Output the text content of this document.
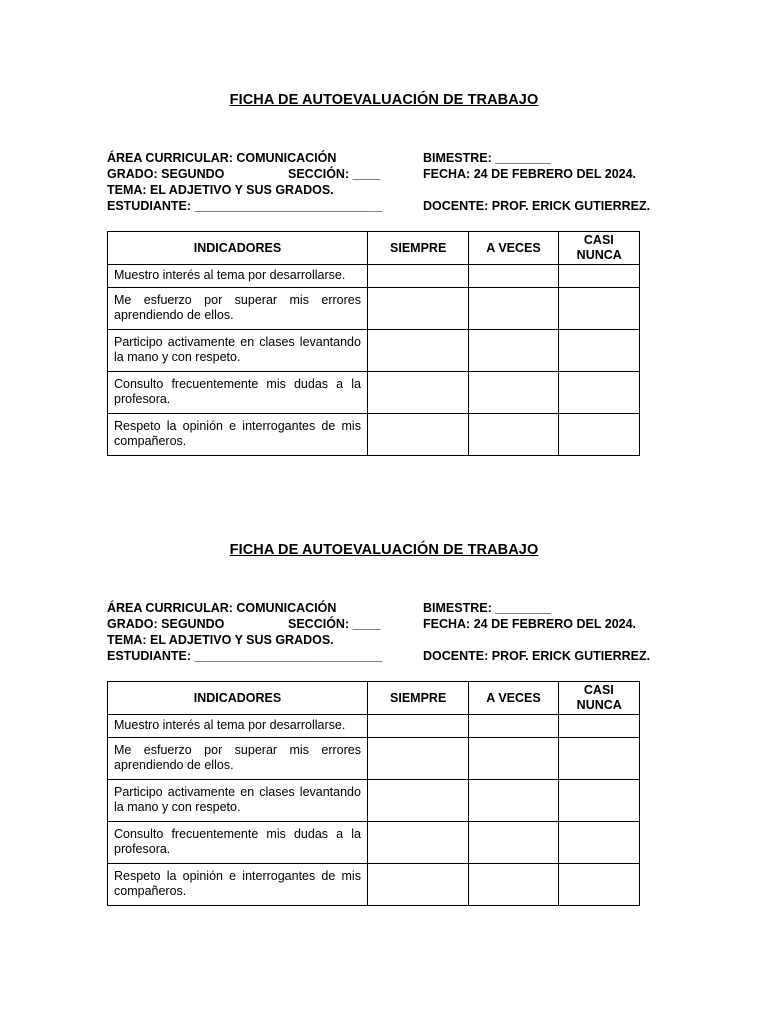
FICHA DE AUTOEVALUACIÓN DE TRABAJO
ÁREA CURRICULAR: COMUNICACIÓN
GRADO: SEGUNDO	SECCIÓN: ____
TEMA: EL ADJETIVO Y SUS GRADOS.
ESTUDIANTE: ___________________________
BIMESTRE: ________
FECHA: 24 DE FEBRERO DEL 2024.
DOCENTE: PROF. ERICK GUTIERREZ.
INDICADORES	SIEMPRE	A VECES	CASI NUNCA
Muestro interés al tema por desarrollarse.			
Me esfuerzo por superar mis errores aprendiendo de ellos.			
Participo activamente en clases levantando la mano y con respeto.			
Consulto frecuentemente mis dudas a la profesora.			
Respeto la opinión e interrogantes de mis compañeros.			
FICHA DE AUTOEVALUACIÓN DE TRABAJO
ÁREA CURRICULAR: COMUNICACIÓN
GRADO: SEGUNDO	SECCIÓN: ____
TEMA: EL ADJETIVO Y SUS GRADOS.
ESTUDIANTE: ___________________________
BIMESTRE: ________
FECHA: 24 DE FEBRERO DEL 2024.
DOCENTE: PROF. ERICK GUTIERREZ.
INDICADORES	SIEMPRE	A VECES	CASI NUNCA
Muestro interés al tema por desarrollarse.			
Me esfuerzo por superar mis errores aprendiendo de ellos.			
Participo activamente en clases levantando la mano y con respeto.			
Consulto frecuentemente mis dudas a la profesora.			
Respeto la opinión e interrogantes de mis compañeros.			
